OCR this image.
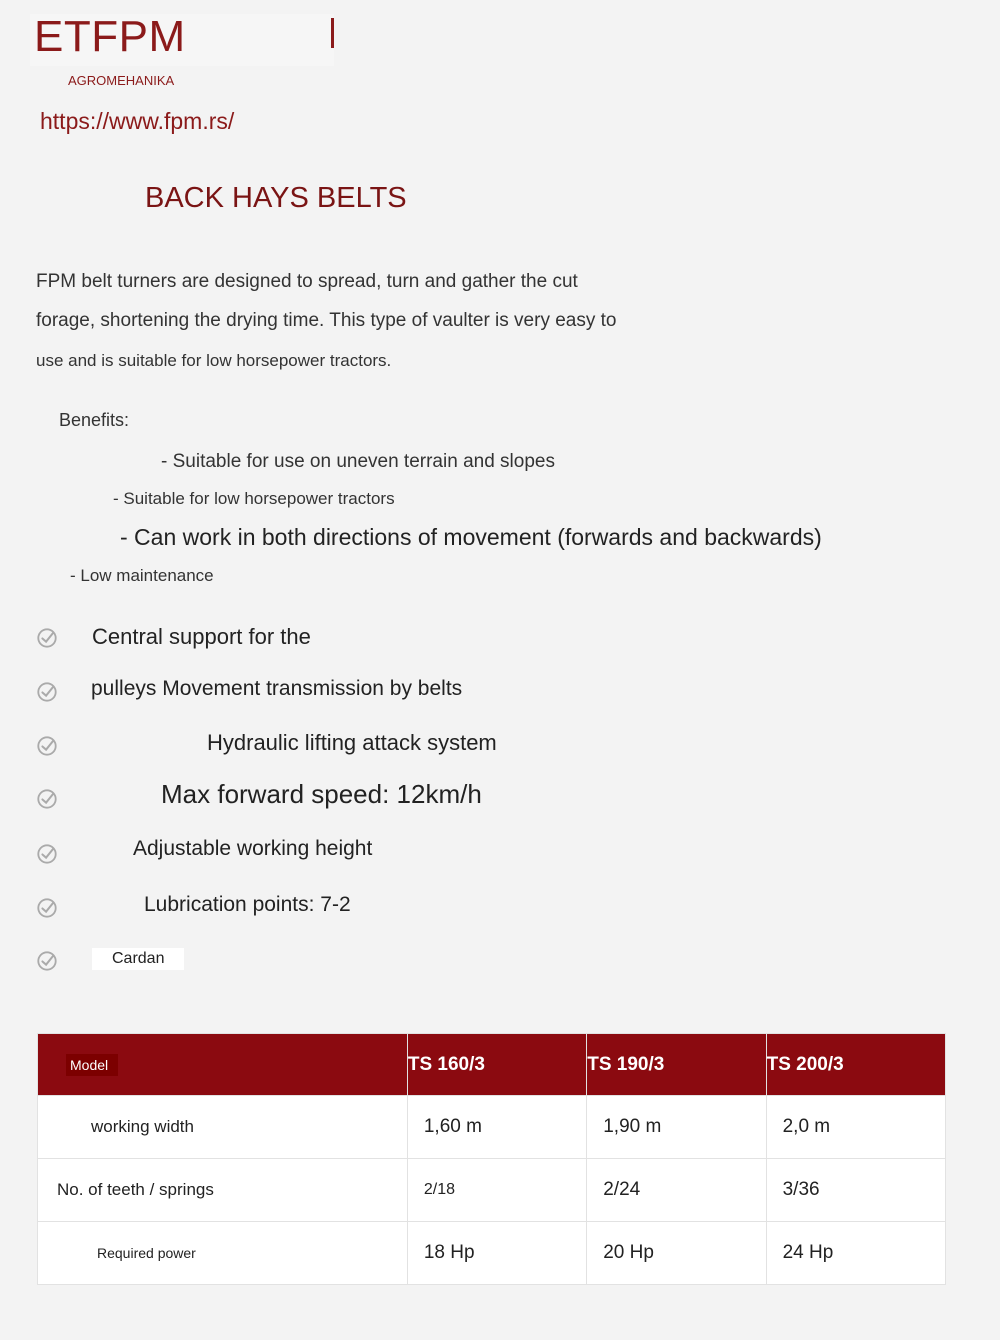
ETFPM
AGROMEHANIKA
https://www.fpm.rs/
BACK HAYS BELTS
FPM belt turners are designed to spread, turn and gather the cut
forage, shortening the drying time. This type of vaulter is very easy to
use and is suitable for low horsepower tractors.
Benefits:
- Suitable for use on uneven terrain and slopes
- Suitable for low horsepower tractors
- Can work in both directions of movement (forwards and backwards)
- Low maintenance
Central support for the
pulleys Movement transmission by belts
Hydraulic lifting attack system
Max forward speed: 12km/h
Adjustable working height
Lubrication points: 7-2
Cardan
Model	TS 160/3	TS 190/3	TS 200/3
working width	1,60 m	1,90 m	2,0 m
No. of teeth / springs	2/18	2/24	3/36
Required power	18 Hp	20 Hp	24 Hp
